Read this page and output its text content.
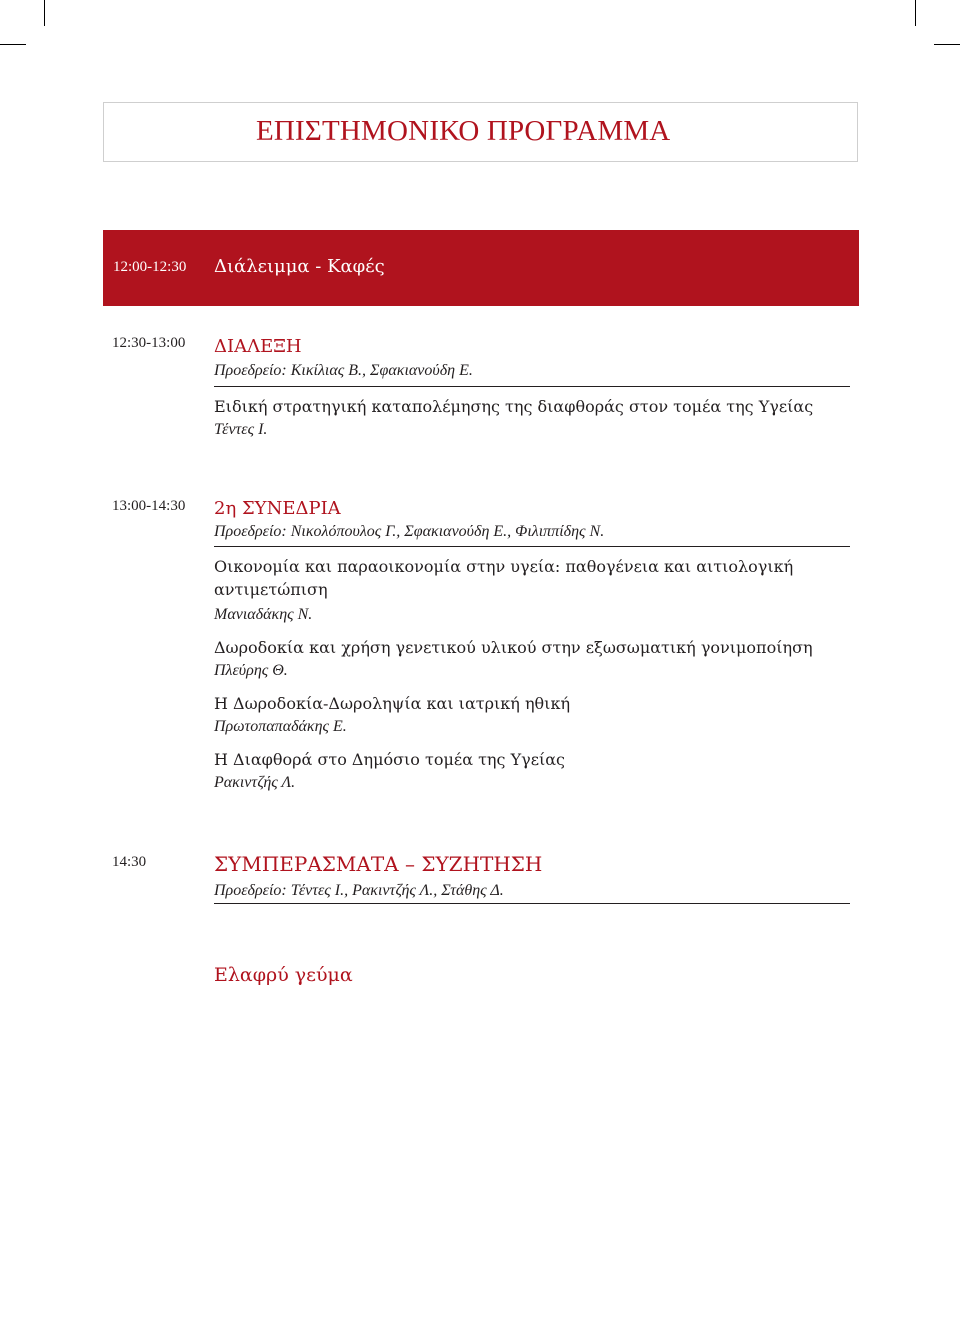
ΕΠΙΣΤΗΜΟΝΙΚΟ ΠΡΟΓΡΑΜΜΑ
12:00-12:30 Διάλειμμα - Καφές
12:30-13:00 ΔΙΑΛΕΞΗ
Προεδρείο: Κικίλιας Β., Σφακιανούδη Ε.
Ειδική στρατηγική καταπολέμησης της διαφθοράς στον τομέα της Υγείας
Τέντες Ι.
13:00-14:30 2η ΣΥΝΕΔΡΙΑ
Προεδρείο: Νικολόπουλος Γ., Σφακιανούδη Ε., Φιλιππίδης Ν.
Οικονομία και παραοικονομία στην υγεία: παθογένεια και αιτιολογική αντιμετώπιση
Μανιαδάκης Ν.
Δωροδοκία και χρήση γενετικού υλικού στην εξωσωματική γονιμοποίηση
Πλεύρης Θ.
Η Δωροδοκία-Δωροληψία και ιατρική ηθική
Πρωτοπαπαδάκης Ε.
Η Διαφθορά στο Δημόσιο τομέα της Υγείας
Ρακιντζής Λ.
14:30	ΣΥΜΠΕΡΑΣΜΑΤΑ – ΣΥΖΗΤΗΣΗ
Προεδρείο: Τέντες Ι., Ρακιντζής Λ., Στάθης Δ.
Ελαφρύ γεύμα
